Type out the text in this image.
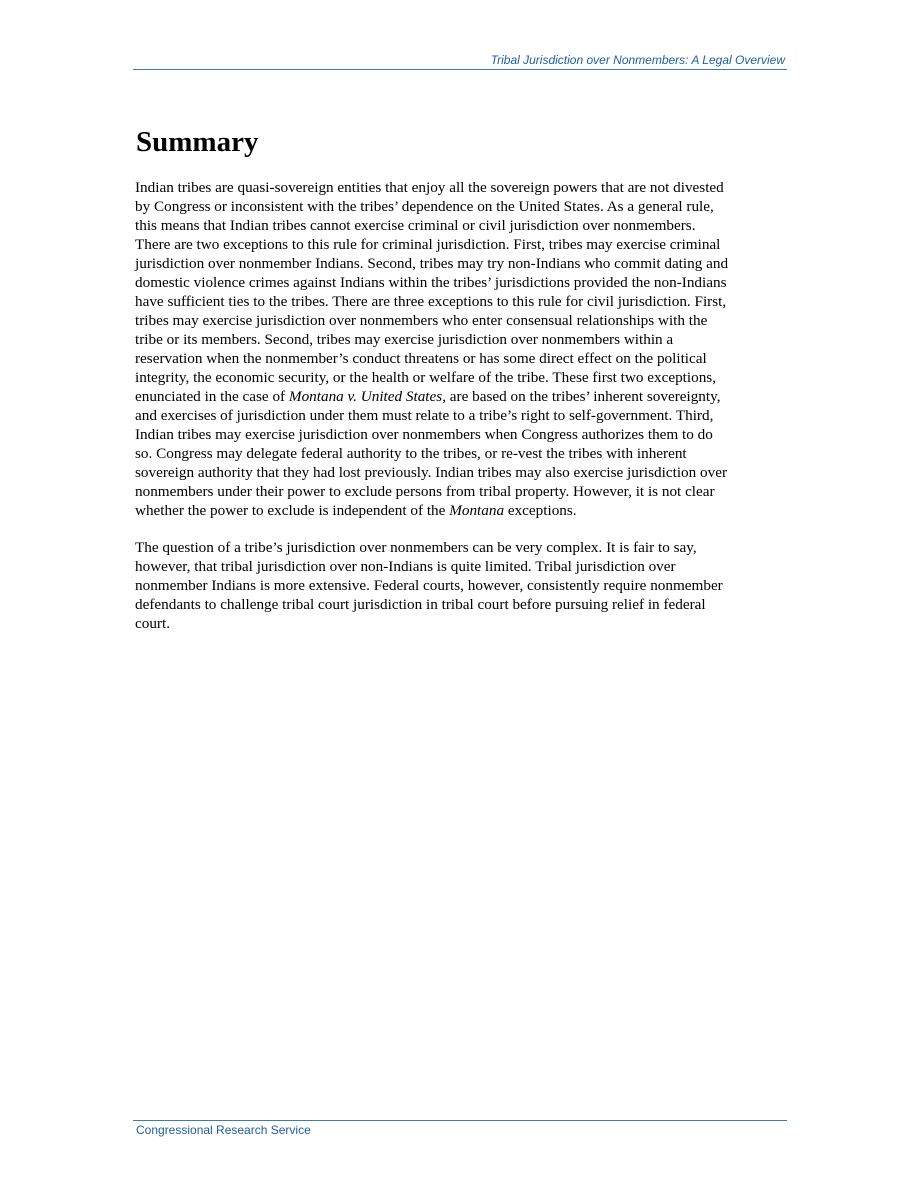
Tribal Jurisdiction over Nonmembers: A Legal Overview
Summary
Indian tribes are quasi-sovereign entities that enjoy all the sovereign powers that are not divested
by Congress or inconsistent with the tribes’ dependence on the United States. As a general rule,
this means that Indian tribes cannot exercise criminal or civil jurisdiction over nonmembers.
There are two exceptions to this rule for criminal jurisdiction. First, tribes may exercise criminal
jurisdiction over nonmember Indians. Second, tribes may try non-Indians who commit dating and
domestic violence crimes against Indians within the tribes’ jurisdictions provided the non-Indians
have sufficient ties to the tribes. There are three exceptions to this rule for civil jurisdiction. First,
tribes may exercise jurisdiction over nonmembers who enter consensual relationships with the
tribe or its members. Second, tribes may exercise jurisdiction over nonmembers within a
reservation when the nonmember’s conduct threatens or has some direct effect on the political
integrity, the economic security, or the health or welfare of the tribe. These first two exceptions,
enunciated in the case of Montana v. United States, are based on the tribes’ inherent sovereignty,
and exercises of jurisdiction under them must relate to a tribe’s right to self-government. Third,
Indian tribes may exercise jurisdiction over nonmembers when Congress authorizes them to do
so. Congress may delegate federal authority to the tribes, or re-vest the tribes with inherent
sovereign authority that they had lost previously. Indian tribes may also exercise jurisdiction over
nonmembers under their power to exclude persons from tribal property. However, it is not clear
whether the power to exclude is independent of the Montana exceptions.
The question of a tribe’s jurisdiction over nonmembers can be very complex. It is fair to say,
however, that tribal jurisdiction over non-Indians is quite limited. Tribal jurisdiction over
nonmember Indians is more extensive. Federal courts, however, consistently require nonmember
defendants to challenge tribal court jurisdiction in tribal court before pursuing relief in federal
court.
Congressional Research Service
